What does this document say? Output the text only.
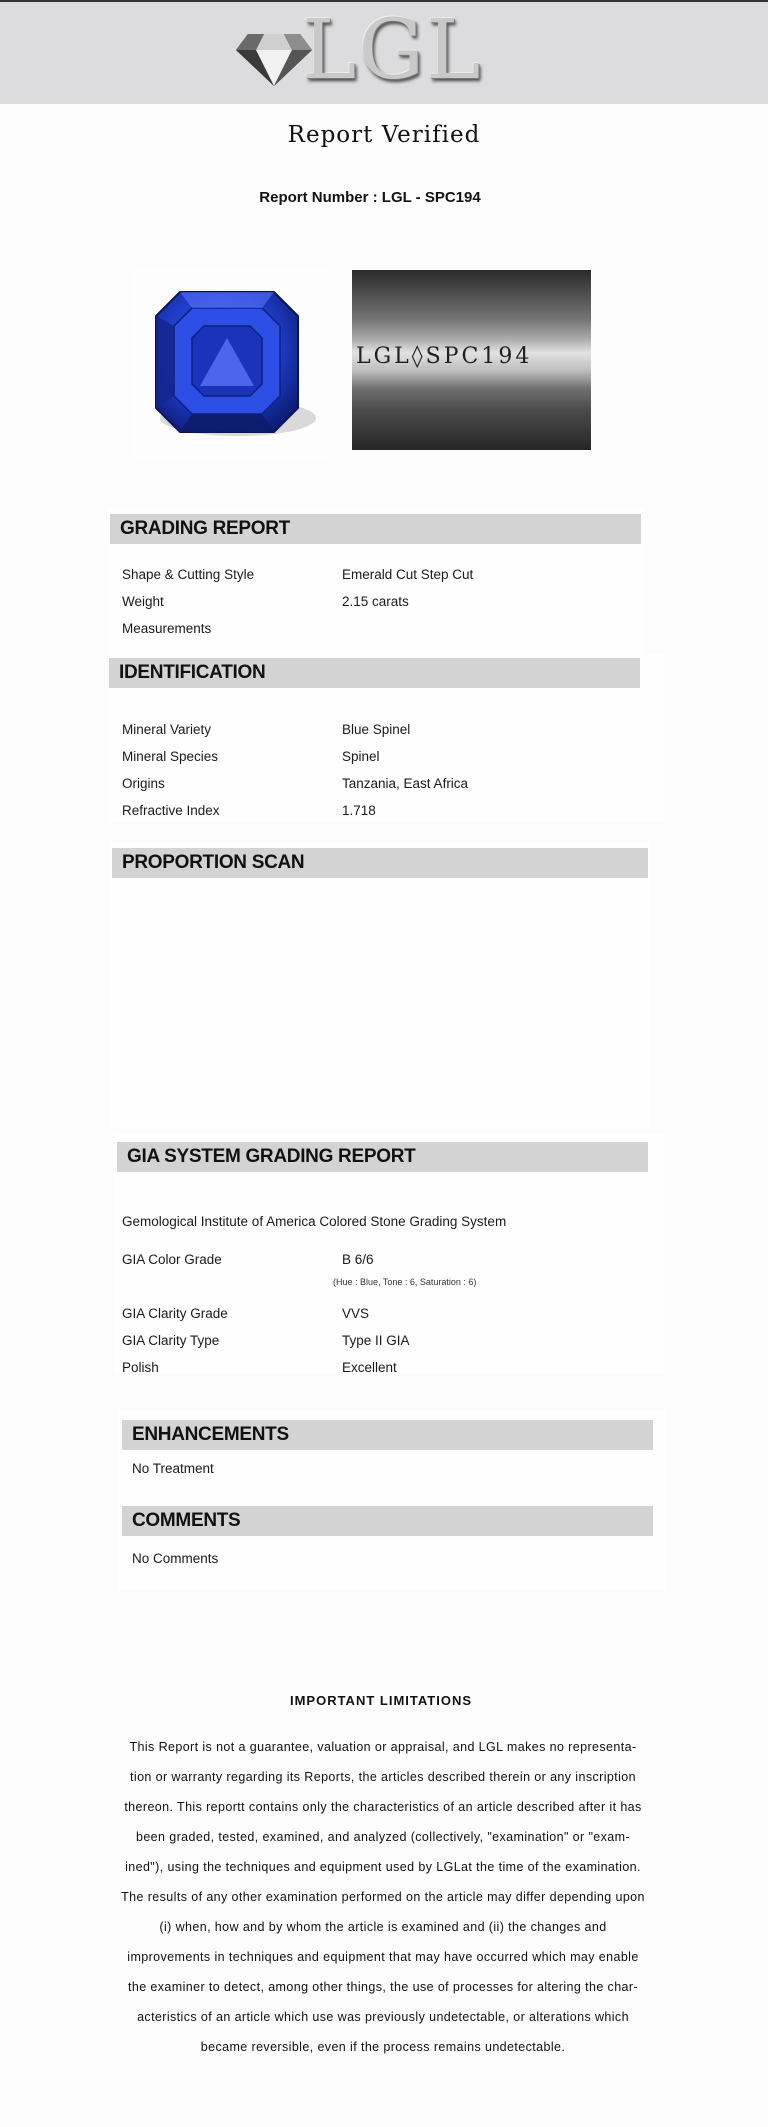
LGL
Report Verified
Report Number : LGL - SPC194
LGL◊SPC194
GRADING REPORT
Shape & Cutting Style	Emerald Cut Step Cut
Weight	2.15 carats
Measurements
IDENTIFICATION
Mineral Variety	Blue Spinel
Mineral Species	Spinel
Origins	Tanzania, East Africa
Refractive Index	1.718
PROPORTION SCAN
GIA SYSTEM GRADING REPORT
Gemological Institute of America Colored Stone Grading System
GIA Color Grade	B 6/6
(Hue : Blue, Tone : 6, Saturation : 6)
GIA Clarity Grade	VVS
GIA Clarity Type	Type II GIA
Polish	Excellent
ENHANCEMENTS
No Treatment
COMMENTS
No Comments
IMPORTANT LIMITATIONS
This Report is not a guarantee, valuation or appraisal, and LGL makes no representa- tion or warranty regarding its Reports, the articles described therein or any inscription thereon. This reportt contains only the characteristics of an article described after it has been graded, tested, examined, and analyzed (collectively, "examination" or "exam- ined"), using the techniques and equipment used by LGLat the time of the examination. The results of any other examination performed on the article may differ depending upon (i) when, how and by whom the article is examined and (ii) the changes and improvements in techniques and equipment that may have occurred which may enable the examiner to detect, among other things, the use of processes for altering the char- acteristics of an article which use was previously undetectable, or alterations which became reversible, even if the process remains undetectable.
